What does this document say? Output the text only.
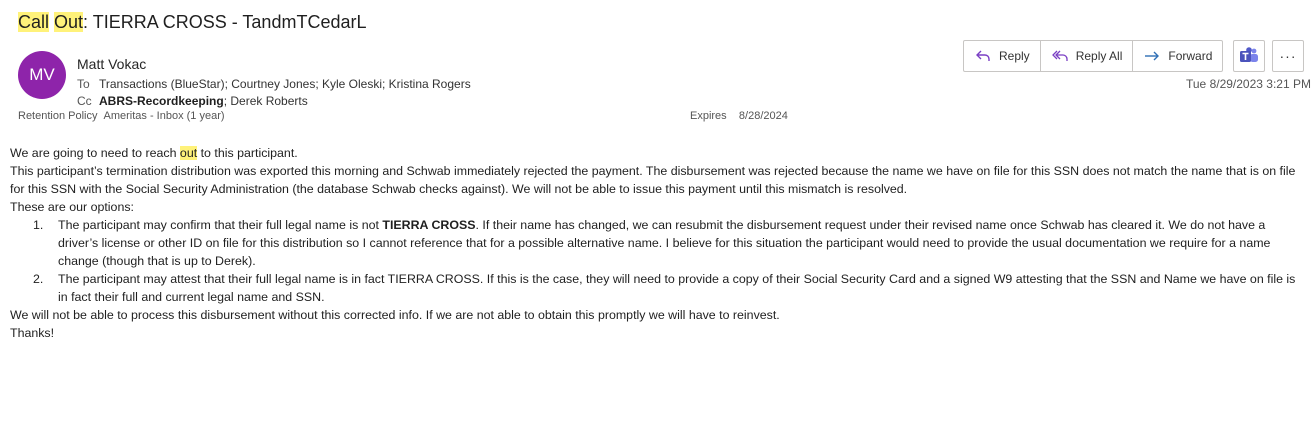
Call Out: TIERRA CROSS - TandmTCedarL
MV
Matt Vokac
To Transactions (BlueStar); Courtney Jones; Kyle Oleski; Kristina Rogers
Cc ABRS-Recordkeeping; Derek Roberts
Retention Policy Ameritas - Inbox (1 year)	Expires 8/28/2024
Reply	Reply All	Forward	···
Tue 8/29/2023 3:21 PM

We are going to need to reach out to this participant.

This participant’s termination distribution was exported this morning and Schwab immediately rejected the payment. The disbursement was rejected because the name we have on file for this SSN does not match the name that is on file for this SSN with the Social Security Administration (the database Schwab checks against). We will not be able to issue this payment until this mismatch is resolved.

These are our options:

1. The participant may confirm that their full legal name is not TIERRA CROSS. If their name has changed, we can resubmit the disbursement request under their revised name once Schwab has cleared it. We do not have a driver’s license or other ID on file for this distribution so I cannot reference that for a possible alternative name. I believe for this situation the participant would need to provide the usual documentation we require for a name change (though that is up to Derek).
2. The participant may attest that their full legal name is in fact TIERRA CROSS. If this is the case, they will need to provide a copy of their Social Security Card and a signed W9 attesting that the SSN and Name we have on file is in fact their full and current legal name and SSN.

We will not be able to process this disbursement without this corrected info. If we are not able to obtain this promptly we will have to reinvest.

Thanks!
